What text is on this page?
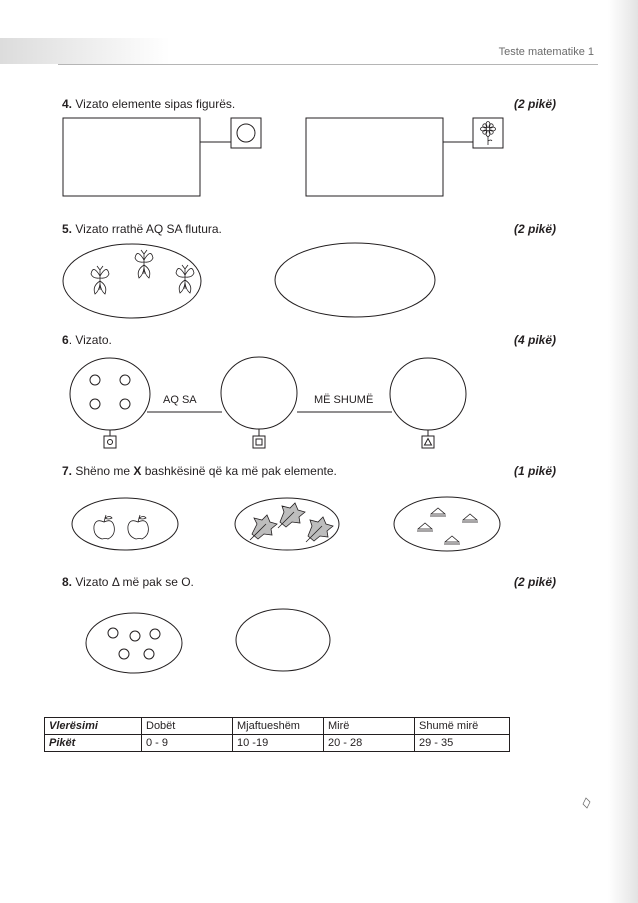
Teste matematike 1
4. Vizato elemente sipas figurës.	(2 pikë)
5. Vizato rrathë AQ SA flutura.	(2 pikë)
6. Vizato.	(4 pikë)
7. Shëno me X bashkësinë që ka më pak elemente.	(1 pikë)
8. Vizato Δ më pak se O.	(2 pikë)
AQ SA	MË SHUMË
Vlerësimi	Dobët	Mjaftueshëm	Mirë	Shumë mirë
Pikët	0 - 9	10 -19	20 - 28	29 - 35
